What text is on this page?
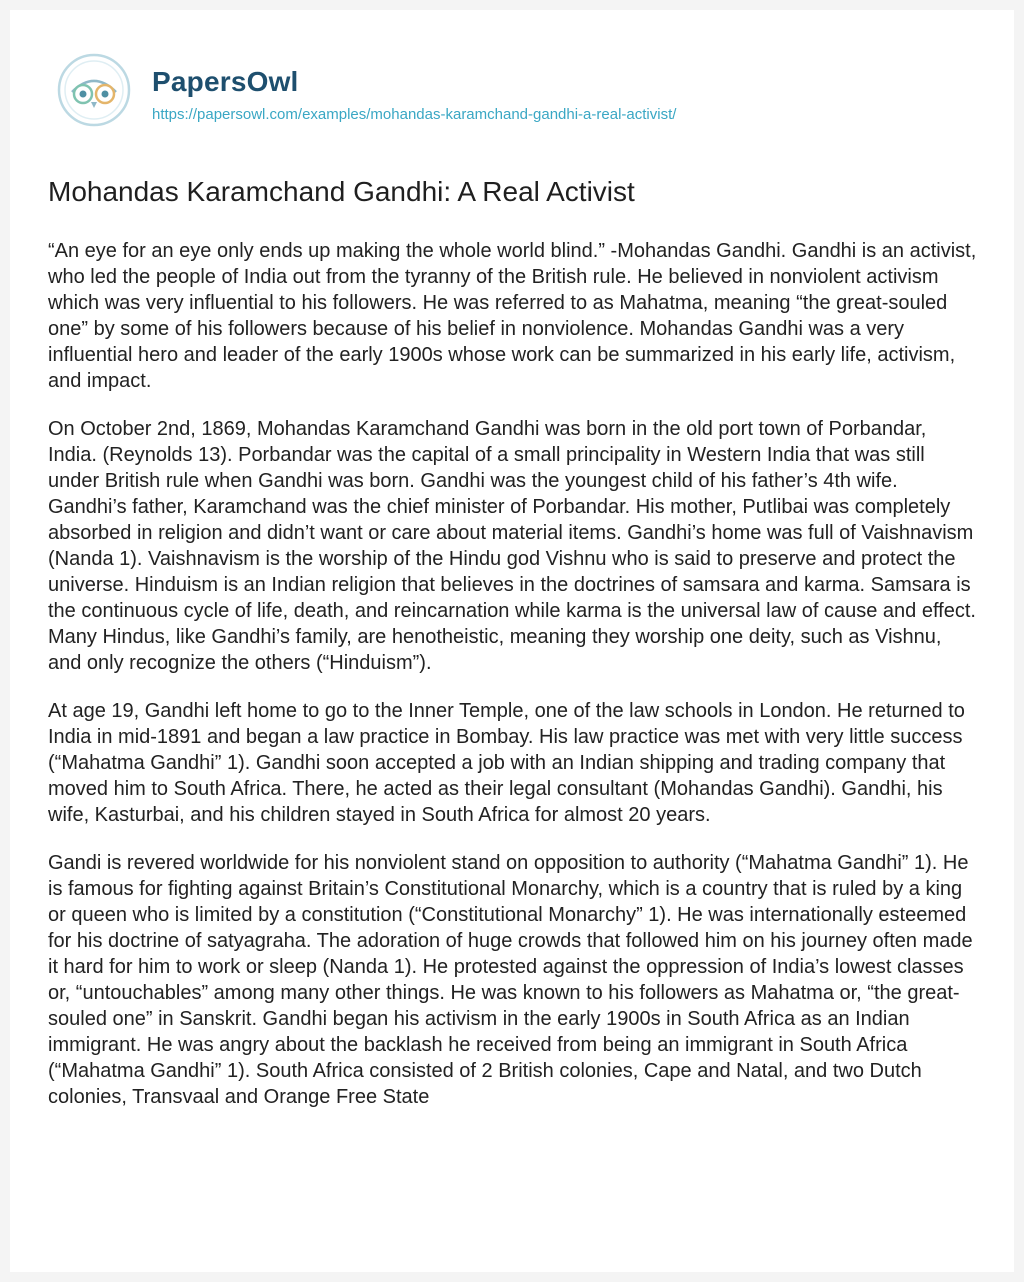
PapersOwl
https://papersowl.com/examples/mohandas-karamchand-gandhi-a-real-activist/
Mohandas Karamchand Gandhi: A Real Activist

“An eye for an eye only ends up making the whole world blind.” -Mohandas Gandhi. Gandhi is an activist, who led the people of India out from the tyranny of the British rule. He believed in nonviolent activism which was very influential to his followers. He was referred to as Mahatma, meaning “the great-souled one” by some of his followers because of his belief in nonviolence. Mohandas Gandhi was a very influential hero and leader of the early 1900s whose work can be summarized in his early life, activism, and impact.

On October 2nd, 1869, Mohandas Karamchand Gandhi was born in the old port town of Porbandar, India. (Reynolds 13). Porbandar was the capital of a small principality in Western India that was still under British rule when Gandhi was born. Gandhi was the youngest child of his father’s 4th wife. Gandhi’s father, Karamchand was the chief minister of Porbandar. His mother, Putlibai was completely absorbed in religion and didn’t want or care about material items. Gandhi’s home was full of Vaishnavism (Nanda 1). Vaishnavism is the worship of the Hindu god Vishnu who is said to preserve and protect the universe. Hinduism is an Indian religion that believes in the doctrines of samsara and karma. Samsara is the continuous cycle of life, death, and reincarnation while karma is the universal law of cause and effect. Many Hindus, like Gandhi’s family, are henotheistic, meaning they worship one deity, such as Vishnu, and only recognize the others (“Hinduism”).

At age 19, Gandhi left home to go to the Inner Temple, one of the law schools in London. He returned to India in mid-1891 and began a law practice in Bombay. His law practice was met with very little success (“Mahatma Gandhi” 1). Gandhi soon accepted a job with an Indian shipping and trading company that moved him to South Africa. There, he acted as their legal consultant (Mohandas Gandhi). Gandhi, his wife, Kasturbai, and his children stayed in South Africa for almost 20 years.

Gandi is revered worldwide for his nonviolent stand on opposition to authority (“Mahatma Gandhi” 1). He is famous for fighting against Britain’s Constitutional Monarchy, which is a country that is ruled by a king or queen who is limited by a constitution (“Constitutional Monarchy” 1). He was internationally esteemed for his doctrine of satyagraha. The adoration of huge crowds that followed him on his journey often made it hard for him to work or sleep (Nanda 1). He protested against the oppression of India’s lowest classes or, “untouchables” among many other things. He was known to his followers as Mahatma or, “the great-souled one” in Sanskrit. Gandhi began his activism in the early 1900s in South Africa as an Indian immigrant. He was angry about the backlash he received from being an immigrant in South Africa (“Mahatma Gandhi” 1). South Africa consisted of 2 British colonies, Cape and Natal, and two Dutch colonies, Transvaal and Orange Free State
